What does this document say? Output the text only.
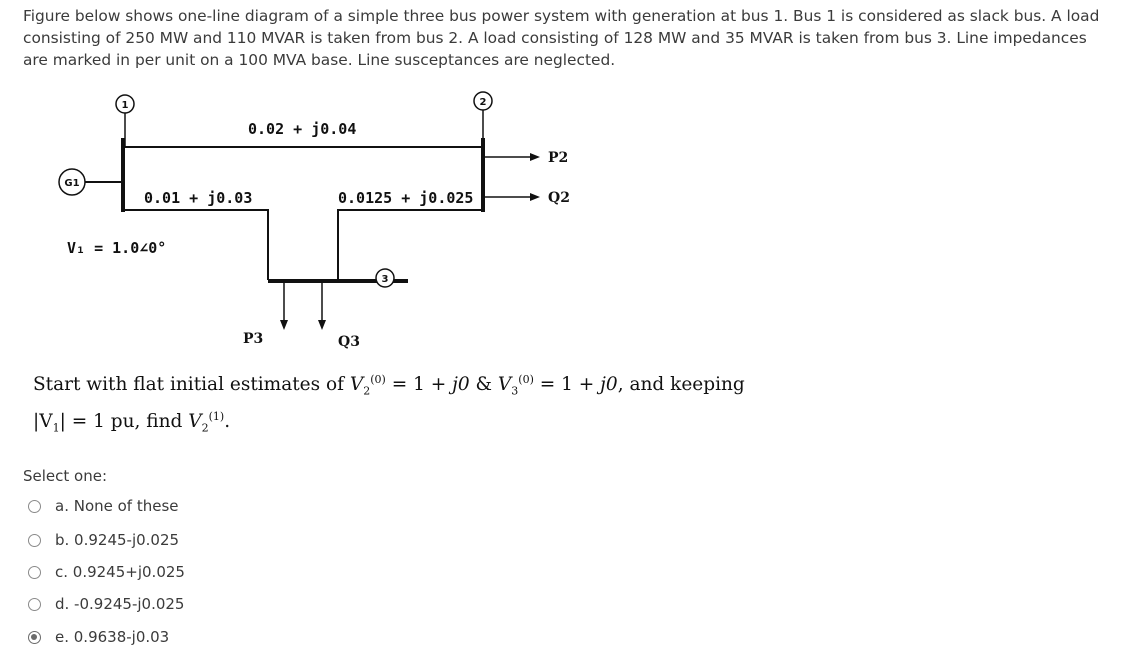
Figure below shows one-line diagram of a simple three bus power system with generation at bus 1. Bus 1 is considered as slack bus. A load consisting of 250 MW and 110 MVAR is taken from bus 2. A load consisting of 128 MW and 35 MVAR is taken from bus 3. Line impedances are marked in per unit on a 100 MVA base. Line susceptances are neglected.
G1
1	2
3
P2
Q2
P3	Q3
0.02 + j0.04
0.01 + j0.03	0.0125 + j0.025
V₁ = 1.0∠0°
Start with flat initial estimates of $V_2^{(0)} = 1 + j0$ & $V_3^{(0)} = 1 + j0$, and keeping
$|V_1| = 1$ pu, find $V_2^{(1)}$.
Select one:
a. None of these
b. 0.9245-j0.025
c. 0.9245+j0.025
d. -0.9245-j0.025
e. 0.9638-j0.03
